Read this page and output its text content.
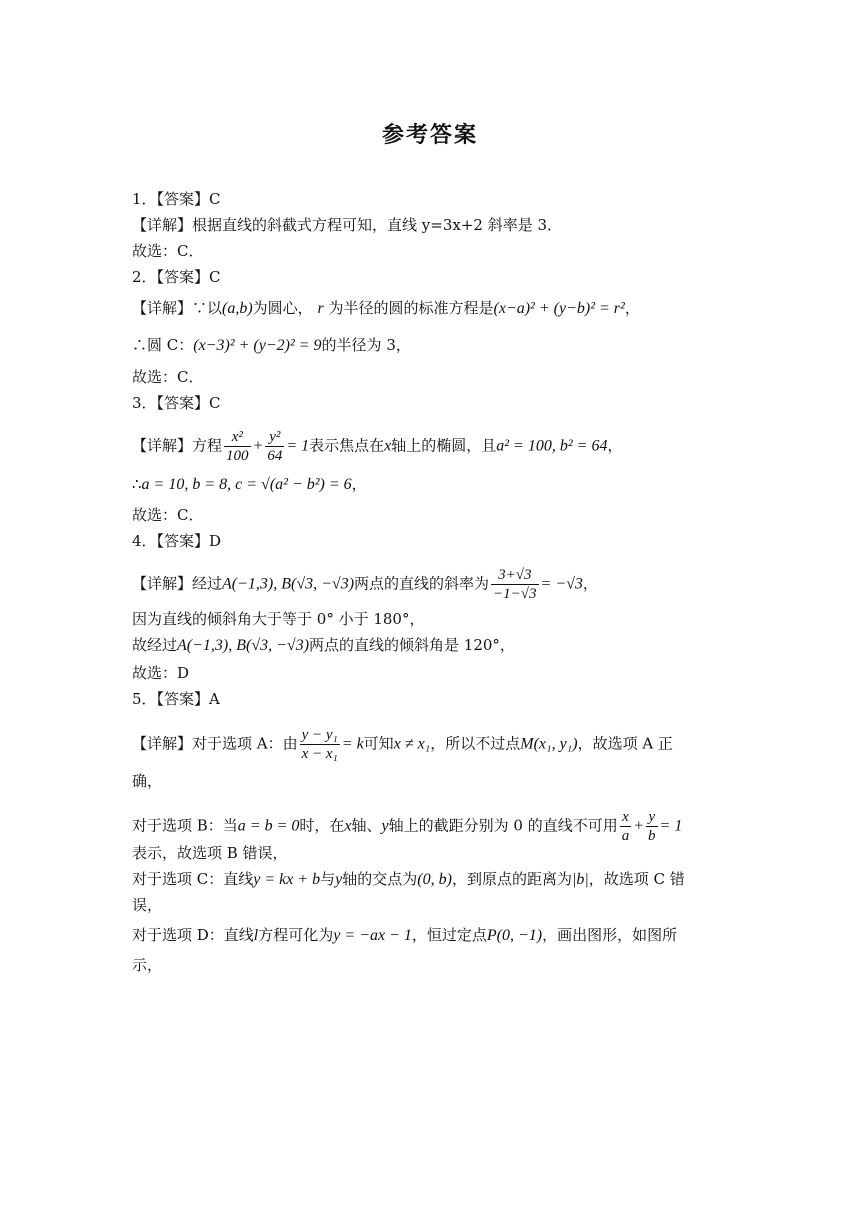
参考答案
1．【答案】C
【详解】根据直线的斜截式方程可知，直线 y=3x+2 斜率是 3．
故选：C．
2．【答案】C
【详解】∵以(a,b)为圆心， r 为半径的圆的标准方程是(x−a)² + (y−b)² = r²，
∴圆 C：(x−3)² + (y−2)² = 9的半径为 3，
故选：C．
3．【答案】C
【详解】方程 $\frac{\text{x²}}{100} + \frac{\text{y²}}{64} = 1$表示焦点在x轴上的椭圆，且a² = 100, b² = 64，
∴a = 10, b = 8, c = √(a² − b²) = 6，
故选：C．
4．【答案】D
【详解】经过A(−1,3), B(√3, −√3)两点的直线的斜率为 $\frac{3+√3}{-1-√3} = -√3$，
因为直线的倾斜角大于等于 0° 小于 180°，
故经过A(−1,3), B(√3, −√3)两点的直线的倾斜角是 120°，
故选：D
5．【答案】A
【详解】对于选项 A：由 $\frac{\text{y − y₁}}{\text{x − x₁}} = k$可知x ≠ x₁，所以不过点M(x₁, y₁)，故选项 A 正
确，
对于选项 B：当a = b = 0时，在x轴、y轴上的截距分别为 0 的直线不可用 $\frac{x}{a} + \frac{y}{b} = 1$
表示，故选项 B 错误，
对于选项 C：直线y = kx + b与y轴的交点为(0, b)，到原点的距离为|b|，故选项 C 错
误，
对于选项 D：直线l方程可化为y = −ax − 1，恒过定点P(0, −1)，画出图形，如图所
示，
